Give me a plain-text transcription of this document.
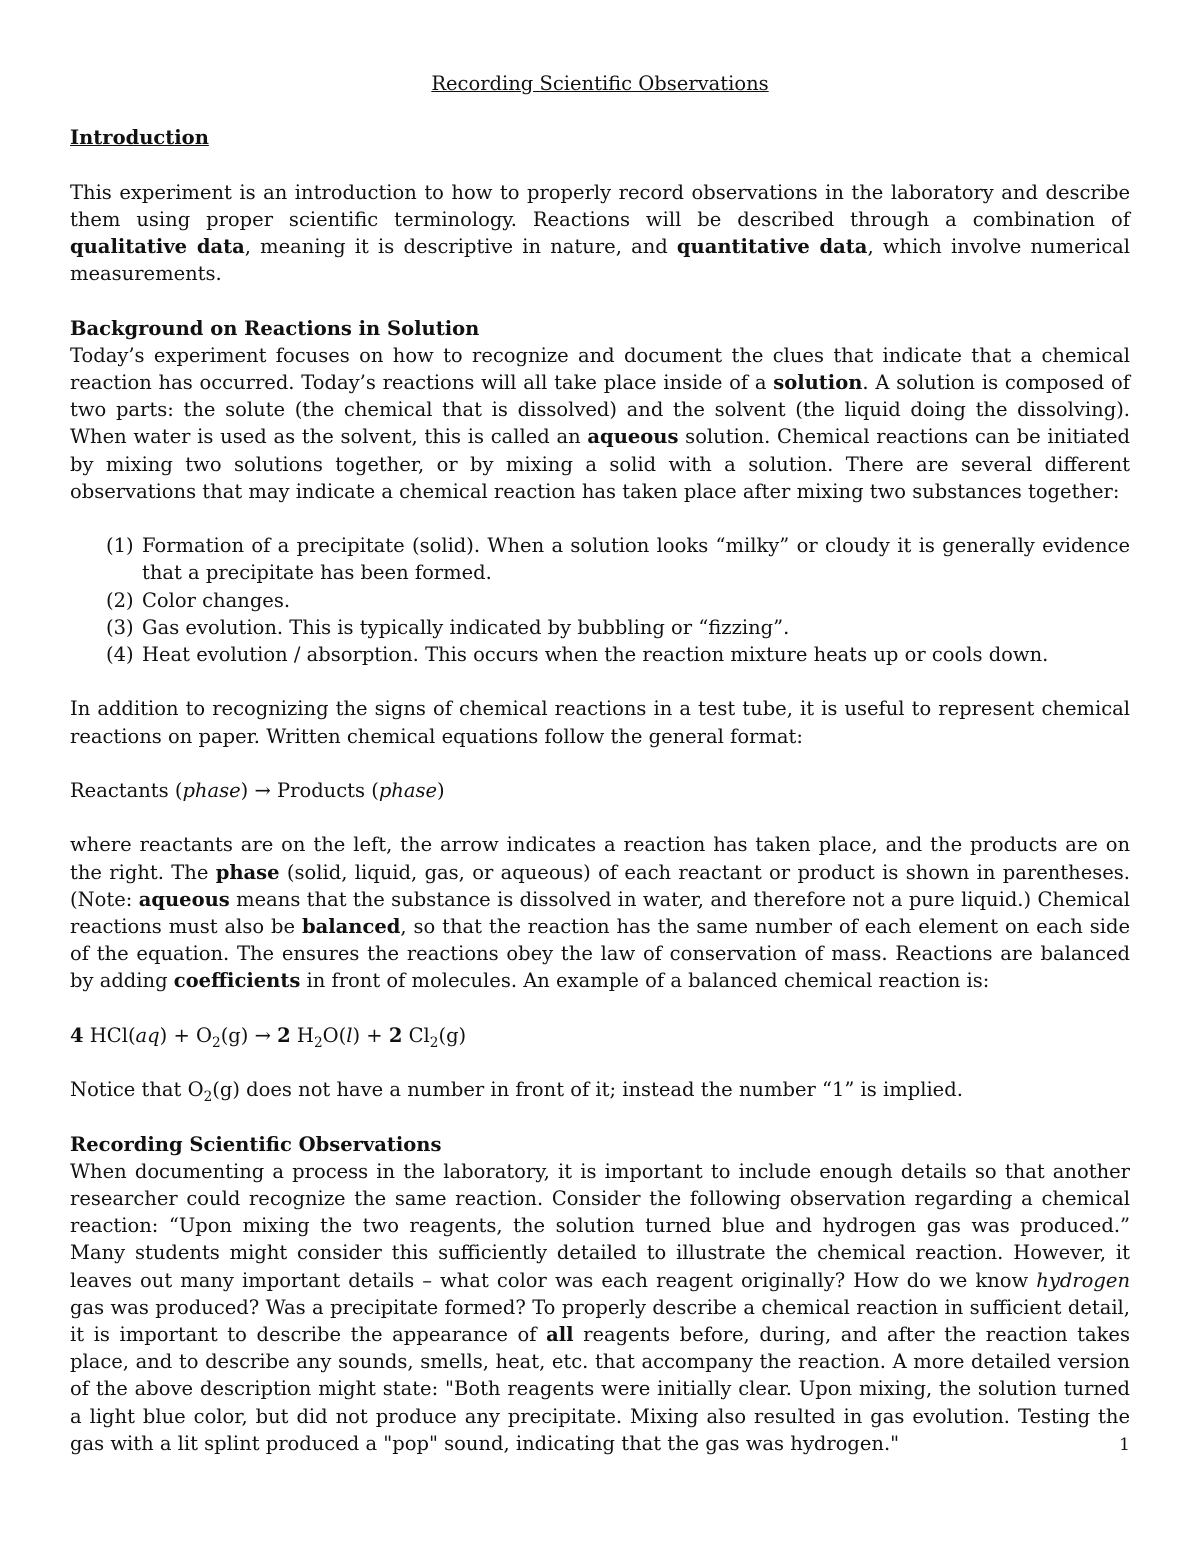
Recording Scientific Observations
Introduction

This experiment is an introduction to how to properly record observations in the laboratory and describe them using proper scientific terminology. Reactions will be described through a combination of qualitative data, meaning it is descriptive in nature, and quantitative data, which involve numerical measurements.

Background on Reactions in Solution

Today’s experiment focuses on how to recognize and document the clues that indicate that a chemical reaction has occurred. Today’s reactions will all take place inside of a solution. A solution is composed of two parts: the solute (the chemical that is dissolved) and the solvent (the liquid doing the dissolving). When water is used as the solvent, this is called an aqueous solution. Chemical reactions can be initiated by mixing two solutions together, or by mixing a solid with a solution. There are several different observations that may indicate a chemical reaction has taken place after mixing two substances together:

(1) Formation of a precipitate (solid). When a solution looks “milky” or cloudy it is generally evidence that a precipitate has been formed.
(2) Color changes.
(3) Gas evolution. This is typically indicated by bubbling or “fizzing”.
(4) Heat evolution / absorption. This occurs when the reaction mixture heats up or cools down.

In addition to recognizing the signs of chemical reactions in a test tube, it is useful to represent chemical reactions on paper. Written chemical equations follow the general format:

Reactants (phase) → Products (phase)

where reactants are on the left, the arrow indicates a reaction has taken place, and the products are on the right. The phase (solid, liquid, gas, or aqueous) of each reactant or product is shown in parentheses. (Note: aqueous means that the substance is dissolved in water, and therefore not a pure liquid.) Chemical reactions must also be balanced, so that the reaction has the same number of each element on each side of the equation. The ensures the reactions obey the law of conservation of mass. Reactions are balanced by adding coefficients in front of molecules. An example of a balanced chemical reaction is:

4 $HCl(aq) + O_2(g) \to 2$ $H_2O(l) + 2$ $Cl_2(g)$

Notice that $O_2(g)$ does not have a number in front of it; instead the number “1” is implied.

Recording Scientific Observations

When documenting a process in the laboratory, it is important to include enough details so that another researcher could recognize the same reaction. Consider the following observation regarding a chemical reaction: “Upon mixing the two reagents, the solution turned blue and hydrogen gas was produced.” Many students might consider this sufficiently detailed to illustrate the chemical reaction. However, it leaves out many important details – what color was each reagent originally? How do we know hydrogen gas was produced? Was a precipitate formed? To properly describe a chemical reaction in sufficient detail, it is important to describe the appearance of all reagents before, during, and after the reaction takes place, and to describe any sounds, smells, heat, etc. that accompany the reaction. A more detailed version of the above description might state: "Both reagents were initially clear. Upon mixing, the solution turned a light blue color, but did not produce any precipitate. Mixing also resulted in gas evolution. Testing the gas with a lit splint produced a "pop" sound, indicating that the gas was hydrogen."	1
